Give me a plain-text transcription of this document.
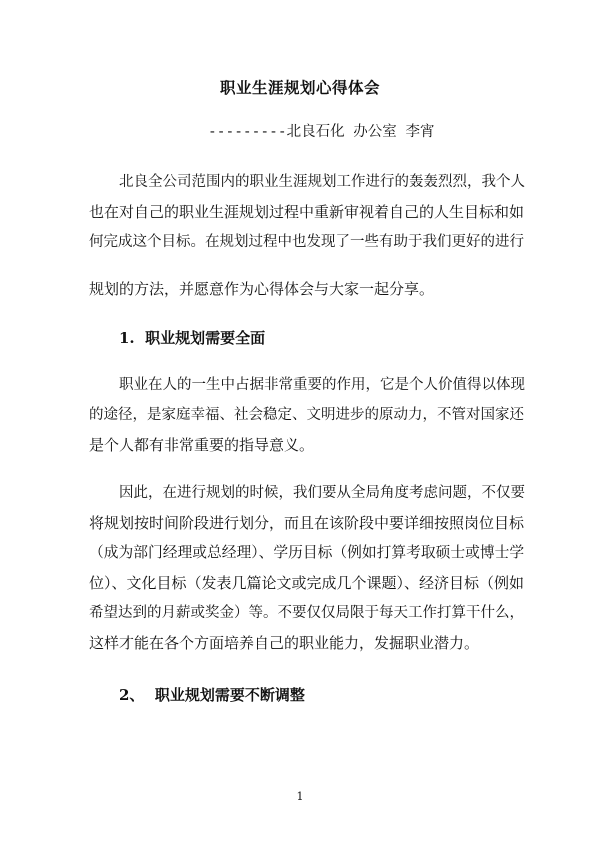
职业生涯规划心得体会
---------北良石化 办公室 李宵
北良全公司范围内的职业生涯规划工作进行的轰轰烈烈，我个人
也在对自己的职业生涯规划过程中重新审视着自己的人生目标和如
何完成这个目标。在规划过程中也发现了一些有助于我们更好的进行
规划的方法，并愿意作为心得体会与大家一起分享。
1.  职业规划需要全面
职业在人的一生中占据非常重要的作用，它是个人价值得以体现
的途径，是家庭幸福、社会稳定、文明进步的原动力，不管对国家还
是个人都有非常重要的指导意义。
因此，在进行规划的时候，我们要从全局角度考虑问题，不仅要
将规划按时间阶段进行划分，而且在该阶段中要详细按照岗位目标
（成为部门经理或总经理）、学历目标（例如打算考取硕士或博士学
位）、文化目标（发表几篇论文或完成几个课题）、经济目标（例如
希望达到的月薪或奖金）等。不要仅仅局限于每天工作打算干什么，
这样才能在各个方面培养自己的职业能力，发掘职业潜力。
2、  职业规划需要不断调整
1
